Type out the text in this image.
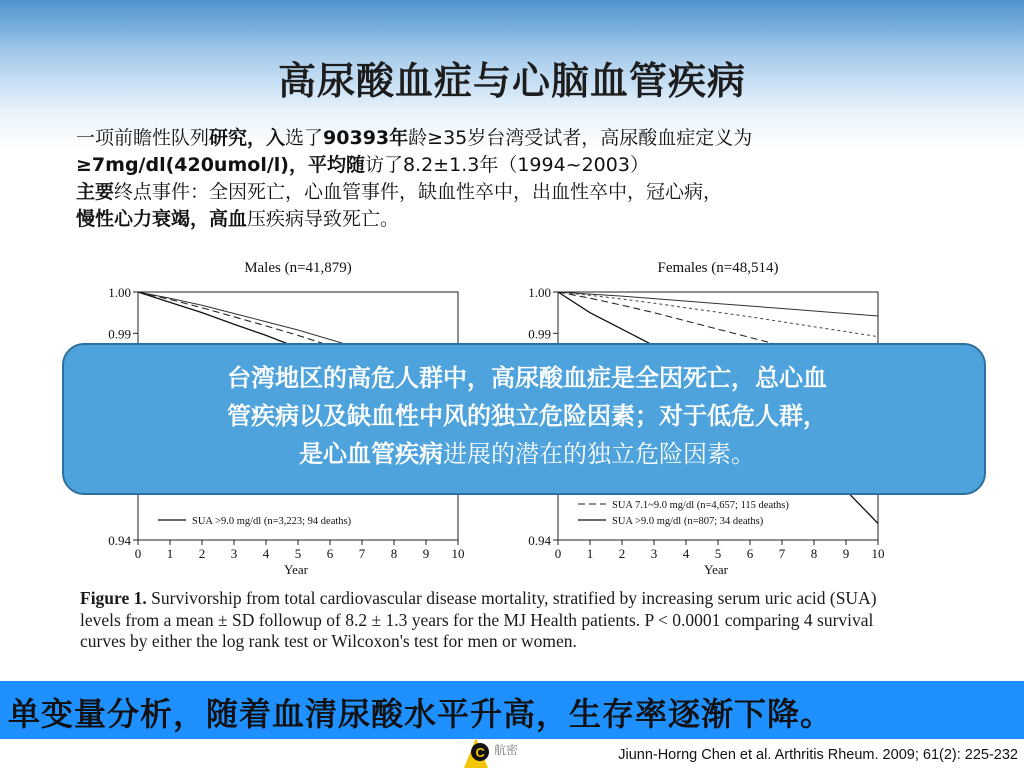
高尿酸血症与心脑血管疾病

一项前瞻性队列研究，入选了90393年龄≥35岁台湾受试者，高尿酸血症定义为

≥7mg/dl(420umol/l)，平均随访了8.2±1.3年（1994~2003）

主要终点事件：全因死亡，心血管事件，缺血性卒中，出血性卒中，冠心病，

慢性心力衰竭，高血压疾病导致死亡。

Males (n=41,879)
1.00
0.99
0.94
0 1 2 3 4 5 6 7 8 9 10
Year
SUA >9.0 mg/dl (n=3,223; 94 deaths)
Females (n=48,514)
1.00
0.99
0.94
0 1 2 3 4 5 6 7 8 9 10
Year
SUA 7.1~9.0 mg/dl (n=4,657; 115 deaths)
SUA >9.0 mg/dl (n=807; 34 deaths)
Figure 1. Survivorship from total cardiovascular disease mortality, stratified by increasing serum uric acid (SUA) levels from a mean ± SD followup of 8.2 ± 1.3 years for the MJ Health patients. P < 0.0001 comparing 4 survival curves by either the log rank test or Wilcoxon's test for men or women.
台湾地区的高危人群中，高尿酸血症是全因死亡，总心血
管疾病以及缺血性中风的独立危险因素；对于低危人群，
是心血管疾病进展的潜在的独立危险因素。
单变量分析，随着血清尿酸水平升高，生存率逐渐下降。
C 航密	Jiunn-Horng Chen et al. Arthritis Rheum. 2009; 61(2): 225-232
